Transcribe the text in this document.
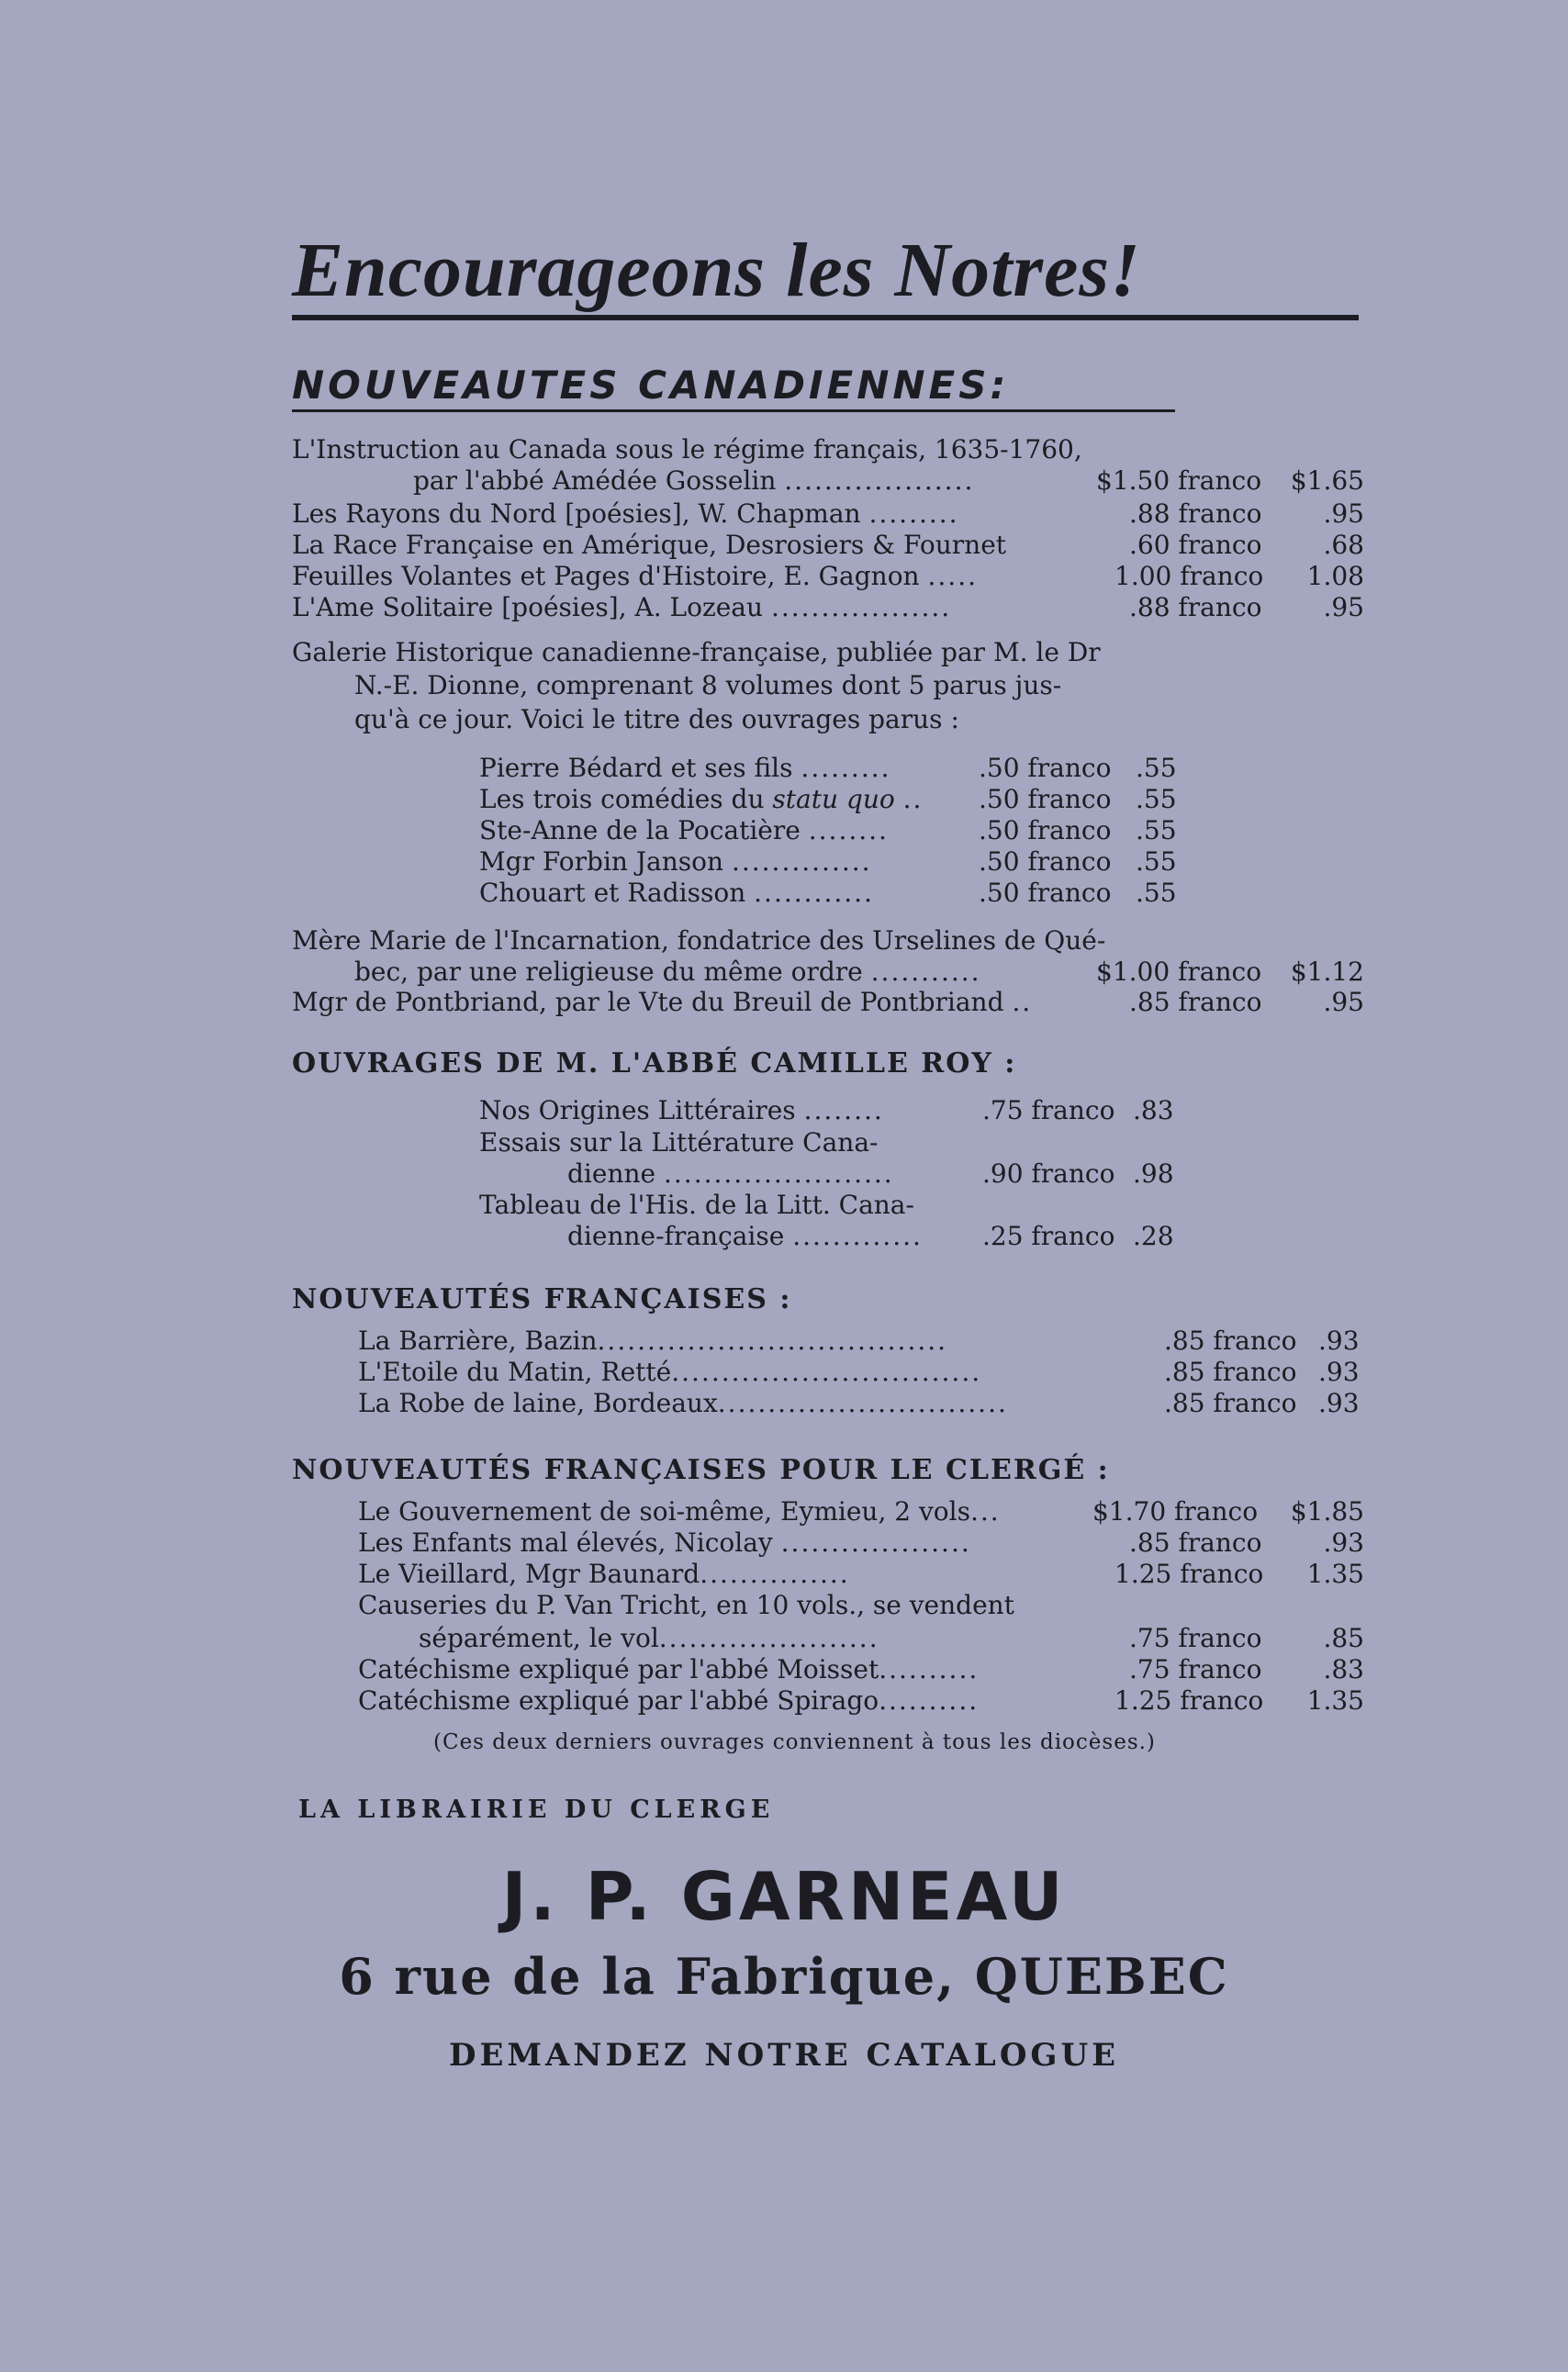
Encourageons les Notres!
NOUVEAUTES CANADIENNES:
L'Instruction au Canada sous le régime français, 1635-1760,
par l'abbé Amédée Gosselin ...................	$1.50 franco	$1.65
Les Rayons du Nord [poésies], W. Chapman .........	.88 franco	.95
La Race Française en Amérique, Desrosiers & Fournet	.60 franco	.68
Feuilles Volantes et Pages d'Histoire, E. Gagnon .....	1.00 franco	1.08
L'Ame Solitaire [poésies], A. Lozeau ..................	.88 franco	.95
Galerie Historique canadienne-française, publiée par M. le Dr
N.-E. Dionne, comprenant 8 volumes dont 5 parus jus-
qu'à ce jour. Voici le titre des ouvrages parus :
Pierre Bédard et ses fils .........	.50 franco .55
Les trois comédies du statu quo .. .50 franco .55
Ste-Anne de la Pocatière ........	.50 franco .55
Mgr Forbin Janson ..............	.50 franco .55
Chouart et Radisson ............	.50 franco .55
Mère Marie de l'Incarnation, fondatrice des Urselines de Qué-
bec, par une religieuse du même ordre ...........	$1.00 franco	$1.12
Mgr de Pontbriand, par le Vte du Breuil de Pontbriand ..	.85 franco	.95
OUVRAGES DE M. L'ABBÉ CAMILLE ROY :
Nos Origines Littéraires ........	.75 franco .83
Essais sur la Littérature Cana-
dienne .......................	.90 franco .98
Tableau de l'His. de la Litt. Cana-
dienne-française ............. .25 franco .28
NOUVEAUTÉS FRANÇAISES :
La Barrière, Bazin...................................	.85 franco .93
L'Etoile du Matin, Retté...............................	.85 franco .93
La Robe de laine, Bordeaux.............................	.85 franco .93
NOUVEAUTÉS FRANÇAISES POUR LE CLERGÉ :
Le Gouvernement de soi-même, Eymieu, 2 vols...	$1.70 franco	$1.85
Les Enfants mal élevés, Nicolay ...................	.85 franco	.93
Le Vieillard, Mgr Baunard...............	1.25 franco	1.35
Causeries du P. Van Tricht, en 10 vols., se vendent
séparément, le vol......................	.75 franco	.85
Catéchisme expliqué par l'abbé Moisset..........	.75 franco	.83
Catéchisme expliqué par l'abbé Spirago..........	1.25 franco	1.35
(Ces deux derniers ouvrages conviennent à tous les diocèses.)
LA LIBRAIRIE DU CLERGE
J. P. GARNEAU
6 rue de la Fabrique, QUEBEC
DEMANDEZ NOTRE CATALOGUE
